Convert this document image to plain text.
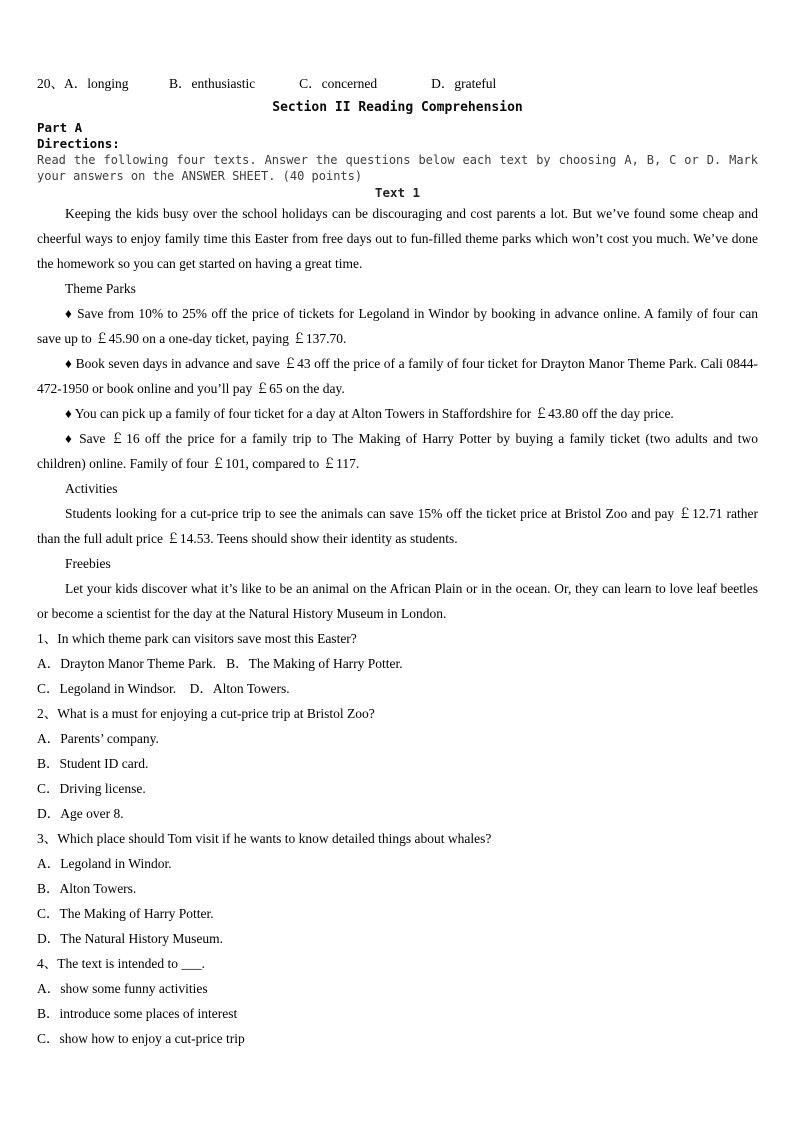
20、A．longing            B．enthusiastic             C．concerned                D．grateful
Section II Reading Comprehension
Part A
Directions:
Read the following four texts. Answer the questions below each text by choosing A, B, C or D. Mark your answers on the ANSWER SHEET. (40 points)
Text 1
Keeping the kids busy over the school holidays can be discouraging and cost parents a lot. But we’ve found some cheap and cheerful ways to enjoy family time this Easter from free days out to fun-filled theme parks which won’t cost you much. We’ve done the homework so you can get started on having a great time.
Theme Parks
♦ Save from 10% to 25% off the price of tickets for Legoland in Windor by booking in advance online. A family of four can save up to ￡45.90 on a one-day ticket, paying ￡137.70.
♦ Book seven days in advance and save ￡43 off the price of a family of four ticket for Drayton Manor Theme Park. Cali 0844-472-1950 or book online and you’ll pay ￡65 on the day.
♦ You can pick up a family of four ticket for a day at Alton Towers in Staffordshire for ￡43.80 off the day price.
♦ Save ￡16 off the price for a family trip to The Making of Harry Potter by buying a family ticket (two adults and two children) online. Family of four ￡101, compared to ￡117.
Activities
Students looking for a cut-price trip to see the animals can save 15% off the ticket price at Bristol Zoo and pay ￡12.71 rather than the full adult price ￡14.53. Teens should show their identity as students.
Freebies
Let your kids discover what it’s like to be an animal on the African Plain or in the ocean. Or, they can learn to love leaf beetles or become a scientist for the day at the Natural History Museum in London.
1、In which theme park can visitors save most this Easter?
A．Drayton Manor Theme Park.   B．The Making of Harry Potter.
C．Legoland in Windsor.    D．Alton Towers.
2、What is a must for enjoying a cut-price trip at Bristol Zoo?
A．Parents’ company.
B．Student ID card.
C．Driving license.
D．Age over 8.
3、Which place should Tom visit if he wants to know detailed things about whales?
A．Legoland in Windor.
B．Alton Towers.
C．The Making of Harry Potter.
D．The Natural History Museum.
4、The text is intended to ___.
A．show some funny activities
B．introduce some places of interest
C．show how to enjoy a cut-price trip
